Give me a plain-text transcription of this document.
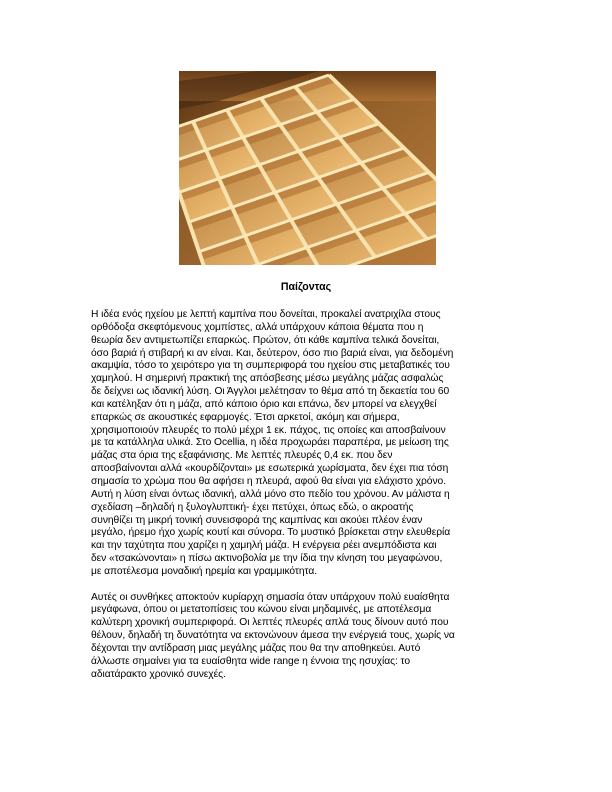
Παίζοντας

Η ιδέα ενός ηχείου με λεπτή καμπίνα που δονείται, προκαλεί ανατριχίλα στους
ορθόδοξα σκεφτόμενους χομπίστες, αλλά υπάρχουν κάποια θέματα που η
θεωρία δεν αντιμετωπίζει επαρκώς. Πρώτον, ότι κάθε καμπίνα τελικά δονείται,
όσο βαριά ή στιβαρή κι αν είναι. Και, δεύτερον, όσο πιο βαριά είναι, για δεδομένη
ακαμψία, τόσο το χειρότερο για τη συμπεριφορά του ηχείου στις μεταβατικές του
χαμηλού. Η σημερινή πρακτική της απόσβεσης μέσω μεγάλης μάζας ασφαλώς
δε δείχνει ως ιδανική λύση. Οι Άγγλοι μελέτησαν το θέμα από τη δεκαετία του 60
και κατέληξαν ότι η μάζα, από κάποιο όριο και επάνω, δεν μπορεί να ελεγχθεί
επαρκώς σε ακουστικές εφαρμογές. Έτσι αρκετοί, ακόμη και σήμερα,
χρησιμοποιούν πλευρές το πολύ μέχρι 1 εκ. πάχος, τις οποίες και αποσβαίνουν
με τα κατάλληλα υλικά. Στο Ocellia, η ιδέα προχωράει παραπέρα, με μείωση της
μάζας στα όρια της εξαφάνισης. Με λεπτές πλευρές 0,4 εκ. που δεν
αποσβαίνονται αλλά «κουρδίζονται» με εσωτερικά χωρίσματα, δεν έχει πια τόση
σημασία το χρώμα που θα αφήσει η πλευρά, αφού θα είναι για ελάχιστο χρόνο.
Αυτή η λύση είναι όντως ιδανική, αλλά μόνο στο πεδίο του χρόνου. Αν μάλιστα η
σχεδίαση –δηλαδή η ξυλογλυπτική- έχει πετύχει, όπως εδώ, ο ακροατής
συνηθίζει τη μικρή τονική συνεισφορά της καμπίνας και ακούει πλέον έναν
μεγάλο, ήρεμο ήχο χωρίς κουτί και σύνορα. Το μυστικό βρίσκεται στην ελευθερία
και την ταχύτητα που χαρίζει η χαμηλή μάζα. Η ενέργεια ρέει ανεμπόδιστα και
δεν «τσακώνονται» η πίσω ακτινοβολία με την ίδια την κίνηση του μεγαφώνου,
με αποτέλεσμα μοναδική ηρεμία και γραμμικότητα.

Αυτές οι συνθήκες αποκτούν κυρίαρχη σημασία όταν υπάρχουν πολύ ευαίσθητα
μεγάφωνα, όπου οι μετατοπίσεις του κώνου είναι μηδαμινές, με αποτέλεσμα
καλύτερη χρονική συμπεριφορά. Οι λεπτές πλευρές απλά τους δίνουν αυτό που
θέλουν, δηλαδή τη δυνατότητα να εκτονώνουν άμεσα την ενέργειά τους, χωρίς να
δέχονται την αντίδραση μιας μεγάλης μάζας που θα την αποθηκεύει. Αυτό
άλλωστε σημαίνει για τα ευαίσθητα wide range η έννοια της ησυχίας: το
αδιατάρακτο χρονικό συνεχές.
